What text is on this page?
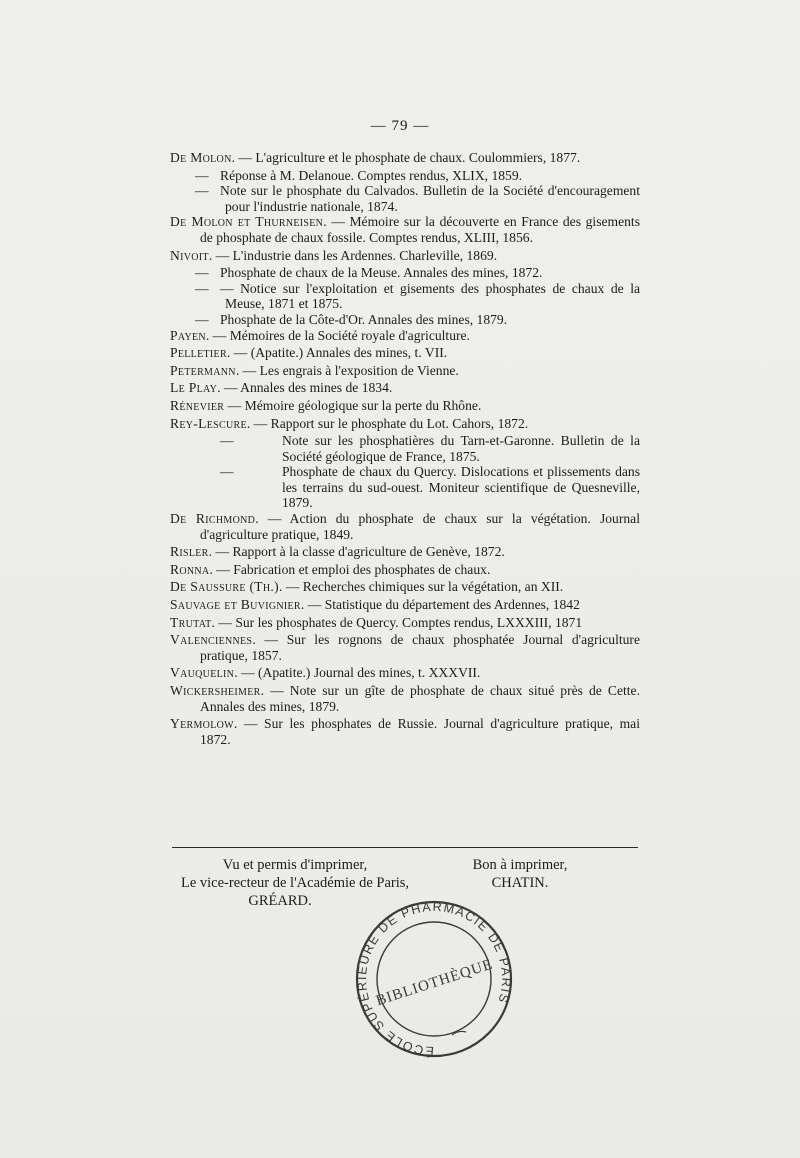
— 79 —
De Molon. — L'agriculture et le phosphate de chaux. Coulommiers, 1877.
— Réponse à M. Delanoue. Comptes rendus, XLIX, 1859.
— Note sur le phosphate du Calvados. Bulletin de la Société d'encouragement pour l'industrie nationale, 1874.
De Molon et Thurneisen. — Mémoire sur la découverte en France des gisements de phosphate de chaux fossile. Comptes rendus, XLIII, 1856.
Nivoit. — L'industrie dans les Ardennes. Charleville, 1869.
— Phosphate de chaux de la Meuse. Annales des mines, 1872.
— — Notice sur l'exploitation et gisements des phosphates de chaux de la Meuse, 1871 et 1875.
— Phosphate de la Côte-d'Or. Annales des mines, 1879.
Payen. — Mémoires de la Société royale d'agriculture.
Pelletier. — (Apatite.) Annales des mines, t. VII.
Petermann. — Les engrais à l'exposition de Vienne.
Le Play. — Annales des mines de 1834.
Rénevier — Mémoire géologique sur la perte du Rhône.
Rey-Lescure. — Rapport sur le phosphate du Lot. Cahors, 1872.
—	Note sur les phosphatières du Tarn-et-Garonne. Bulletin de la Société géologique de France, 1875.
—	Phosphate de chaux du Quercy. Dislocations et plissements dans les terrains du sud-ouest. Moniteur scientifique de Quesneville, 1879.
De Richmond. — Action du phosphate de chaux sur la végétation. Journal d'agriculture pratique, 1849.
Risler. — Rapport à la classe d'agriculture de Genève, 1872.
Ronna. — Fabrication et emploi des phosphates de chaux.
De Saussure (Th.). — Recherches chimiques sur la végétation, an XII.
Sauvage et Buvignier. — Statistique du département des Ardennes, 1842
Trutat. — Sur les phosphates de Quercy. Comptes rendus, LXXXIII, 1871
Valenciennes. — Sur les rognons de chaux phosphatée Journal d'agriculture pratique, 1857.
Vauquelin. — (Apatite.) Journal des mines, t. XXXVII.
Wickersheimer. — Note sur un gîte de phosphate de chaux situé près de Cette. Annales des mines, 1879.
Yermolow. — Sur les phosphates de Russie. Journal d'agriculture pratique, mai 1872.
Vu et permis d'imprimer,
Le vice-recteur de l'Académie de Paris,
GRÉARD.
Bon à imprimer,
CHATIN.
ÉCOLE SUPÉRIEURE DE PHARMACIE DE PARIS
BIBLIOTHÈQUE
